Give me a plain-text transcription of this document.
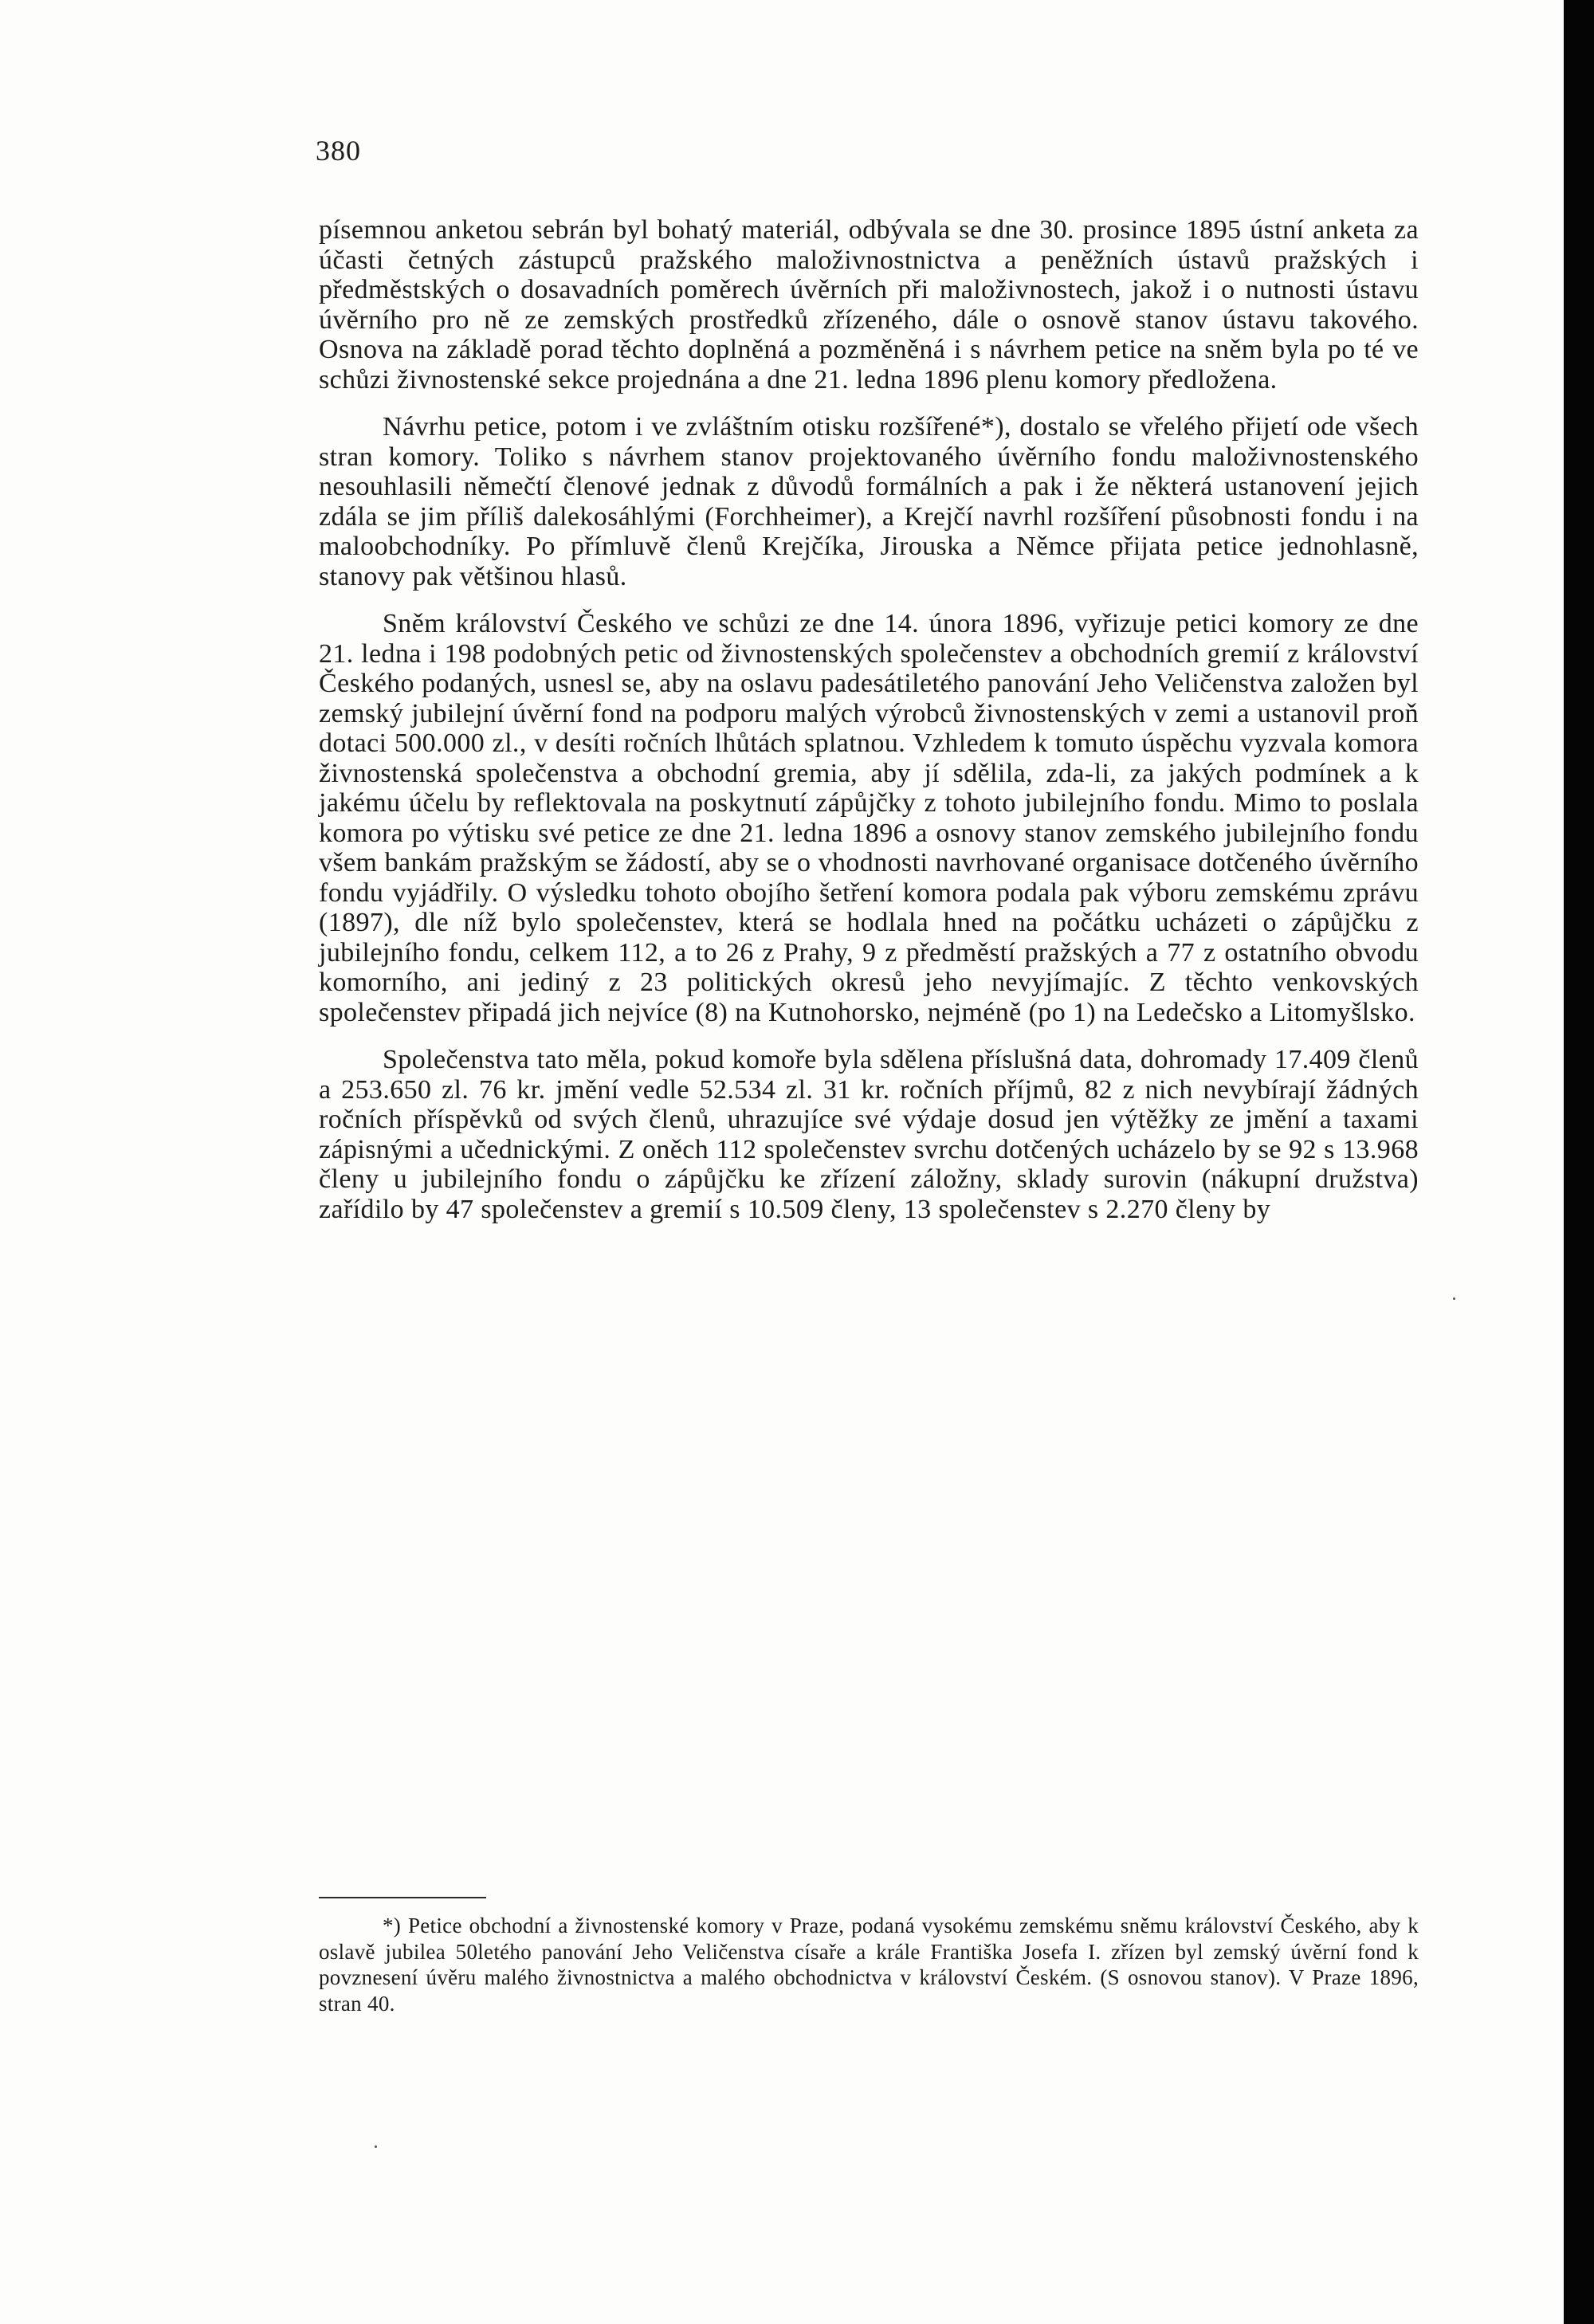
380

písemnou anketou sebrán byl bohatý materiál, odbývala se dne 30. prosince 1895 ústní anketa za účasti četných zástupců pražského maloživnostnictva a peněžních ústavů pražských i předměstských o dosavadních poměrech úvěrních při maloživnostech, jakož i o nutnosti ústavu úvěrního pro ně ze zemských prostředků zřízeného, dále o osnově stanov ústavu takového. Osnova na základě porad těchto doplněná a pozměněná i s návrhem petice na sněm byla po té ve schůzi živnostenské sekce projednána a dne 21. ledna 1896 plenu komory předložena.

Návrhu petice, potom i ve zvláštním otisku rozšířené*), dostalo se vřelého přijetí ode všech stran komory. Toliko s návrhem stanov projektovaného úvěrního fondu maloživnostenského nesouhlasili němečtí členové jednak z důvodů formálních a pak i že některá ustanovení jejich zdála se jim příliš dalekosáhlými (Forchheimer), a Krejčí navrhl rozšíření působnosti fondu i na maloobchodníky. Po přímluvě členů Krejčíka, Jirouska a Němce přijata petice jednohlasně, stanovy pak většinou hlasů.

Sněm království Českého ve schůzi ze dne 14. února 1896, vyřizuje petici komory ze dne 21. ledna i 198 podobných petic od živnostenských společenstev a obchodních gremií z království Českého podaných, usnesl se, aby na oslavu padesátiletého panování Jeho Veličenstva založen byl zemský jubilejní úvěrní fond na podporu malých výrobců živnostenských v zemi a ustanovil proň dotaci 500.000 zl., v desíti ročních lhůtách splatnou. Vzhledem k tomuto úspěchu vyzvala komora živnostenská společenstva a obchodní gremia, aby jí sdělila, zda-li, za jakých podmínek a k jakému účelu by reflektovala na poskytnutí zápůjčky z tohoto jubilejního fondu. Mimo to poslala komora po výtisku své petice ze dne 21. ledna 1896 a osnovy stanov zemského jubilejního fondu všem bankám pražským se žádostí, aby se o vhodnosti navrhované organisace dotčeného úvěrního fondu vyjádřily. O výsledku tohoto obojího šetření komora podala pak výboru zemskému zprávu (1897), dle níž bylo společenstev, která se hodlala hned na počátku ucházeti o zápůjčku z jubilejního fondu, celkem 112, a to 26 z Prahy, 9 z předměstí pražských a 77 z ostatního obvodu komorního, ani jediný z 23 politických okresů jeho nevyjímajíc. Z těchto venkovských společenstev připadá jich nejvíce (8) na Kutnohorsko, nejméně (po 1) na Ledečsko a Litomyšlsko.

Společenstva tato měla, pokud komoře byla sdělena příslušná data, dohromady 17.409 členů a 253.650 zl. 76 kr. jmění vedle 52.534 zl. 31 kr. ročních příjmů, 82 z nich nevybírají žádných ročních příspěvků od svých členů, uhrazujíce své výdaje dosud jen výtěžky ze jmění a taxami zápisnými a učednickými. Z oněch 112 společenstev svrchu dotčených ucházelo by se 92 s 13.968 členy u jubilejního fondu o zápůjčku ke zřízení záložny, sklady surovin (nákupní družstva) zařídilo by 47 společenstev a gremií s 10.509 členy, 13 společenstev s 2.270 členy by

*) Petice obchodní a živnostenské komory v Praze, podaná vysokému zemskému sněmu království Českého, aby k oslavě jubilea 50letého panování Jeho Veličenstva císaře a krále Františka Josefa I. zřízen byl zemský úvěrní fond k povznesení úvěru malého živnostnictva a malého obchodnictva v království Českém. (S osnovou stanov). V Praze 1896, stran 40.
